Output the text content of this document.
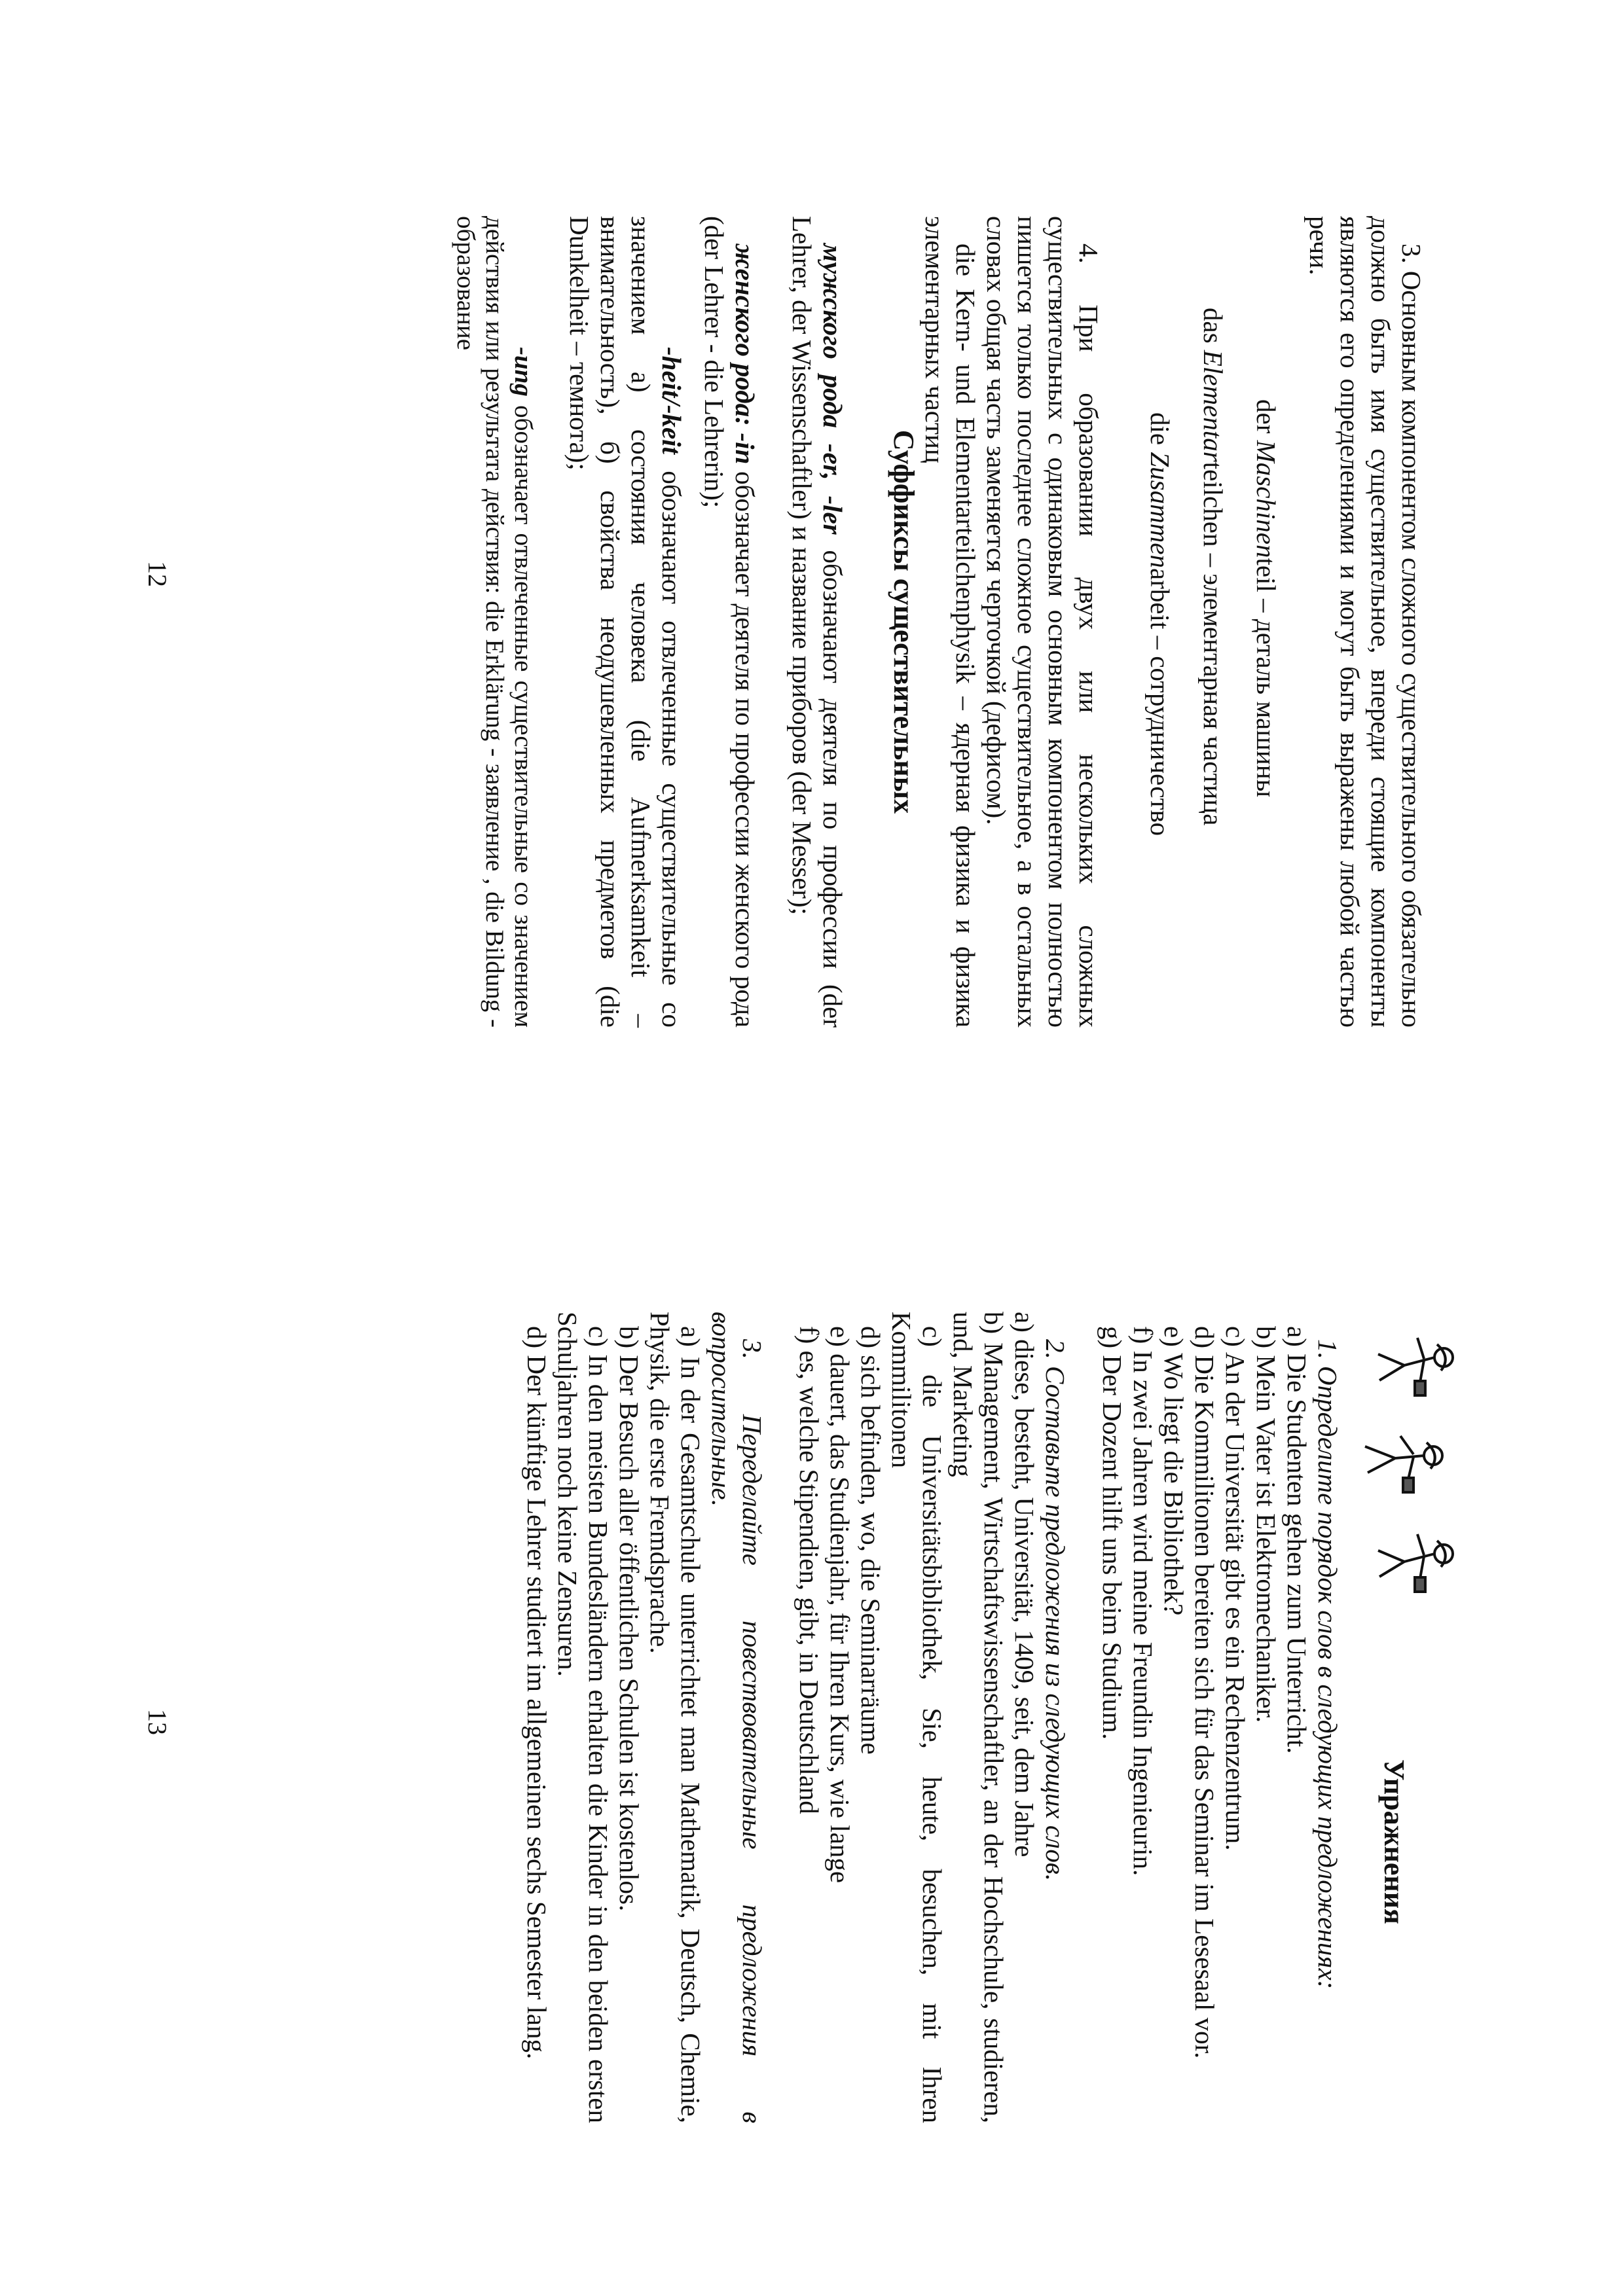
3. Основным компонентом сложного существительного обязательно должно быть имя существительное, впереди стоящие компоненты являются его определениями и могут быть выражены любой частью речи.

der Maschinenteil – деталь машины

das Elementarteilchen – элементарная частица

die Zusammenarbeit – сотрудничество

4. При образовании двух или нескольких сложных существительных с одинаковым основным компонентом полностью пишется только последнее сложное существительное, а в остальных словах общая часть заменяется черточкой (дефисом).

die Kern- und Elementarteilchenphysik – ядерная физика и физика элементарных частиц

Суффиксы существительных

мужского рода -er, -ler обозначают деятеля по профессии (der Lehrer, der Wissenschaftler) и название приборов (der Messer);

женского рода: -in обозначает деятеля по профессии женского рода (der Lehrer - die Lehrerin);

-heit/-keit обозначают отвлеченные существительные со значением а) состояния человека (die Aufmerksamkeit – внимательность), б) свойства неодушевленных предметов (die Dunkelheit – темнота);

-ung обозначает отвлеченные существительные со значением действия или результата действия: die Erklärung - заявление , die Bildung - образование

12
Упражнения

1. Определите порядок слов в следующих предложениях:

a) Die Studenten gehen zum Unterricht.

b) Mein Vater ist Elektromechaniker.

c) An der Universität gibt es ein Rechenzentrum.

d) Die Kommilitonen bereiten sich für das Seminar im Lesesaal vor.

e) Wo liegt die Bibliothek?

f) In zwei Jahren wird meine Freundin Ingenieurin.

g) Der Dozent hilft uns beim Studium.

2. Составьте предложения из следующих слов.

a) diese, besteht, Universität, 1409, seit, dem Jahre

b) Management, Wirtschaftswissenschaftler, an der Hochschule, studieren, und, Marketing

c) die Universitätsbibliothek, Sie, heute, besuchen, mit Ihren Kommilitonen

d) sich befinden, wo, die Seminarräume

e) dauert, das Studienjahr, für Ihren Kurs, wie lange

f) es, welche Stipendien, gibt, in Deutschland

3. Переделайте повествовательные предложения в вопросительные.

a) In der Gesamtschule unterrichtet man Mathematik, Deutsch, Chemie, Physik, die erste Fremdsprache.

b) Der Besuch aller öffentlichen Schulen ist kostenlos.

c) In den meisten Bundesländern erhalten die Kinder in den beiden ersten Schuljahren noch keine Zensuren.

d) Der künftige Lehrer studiert im allgemeinen sechs Semester lang.

13
